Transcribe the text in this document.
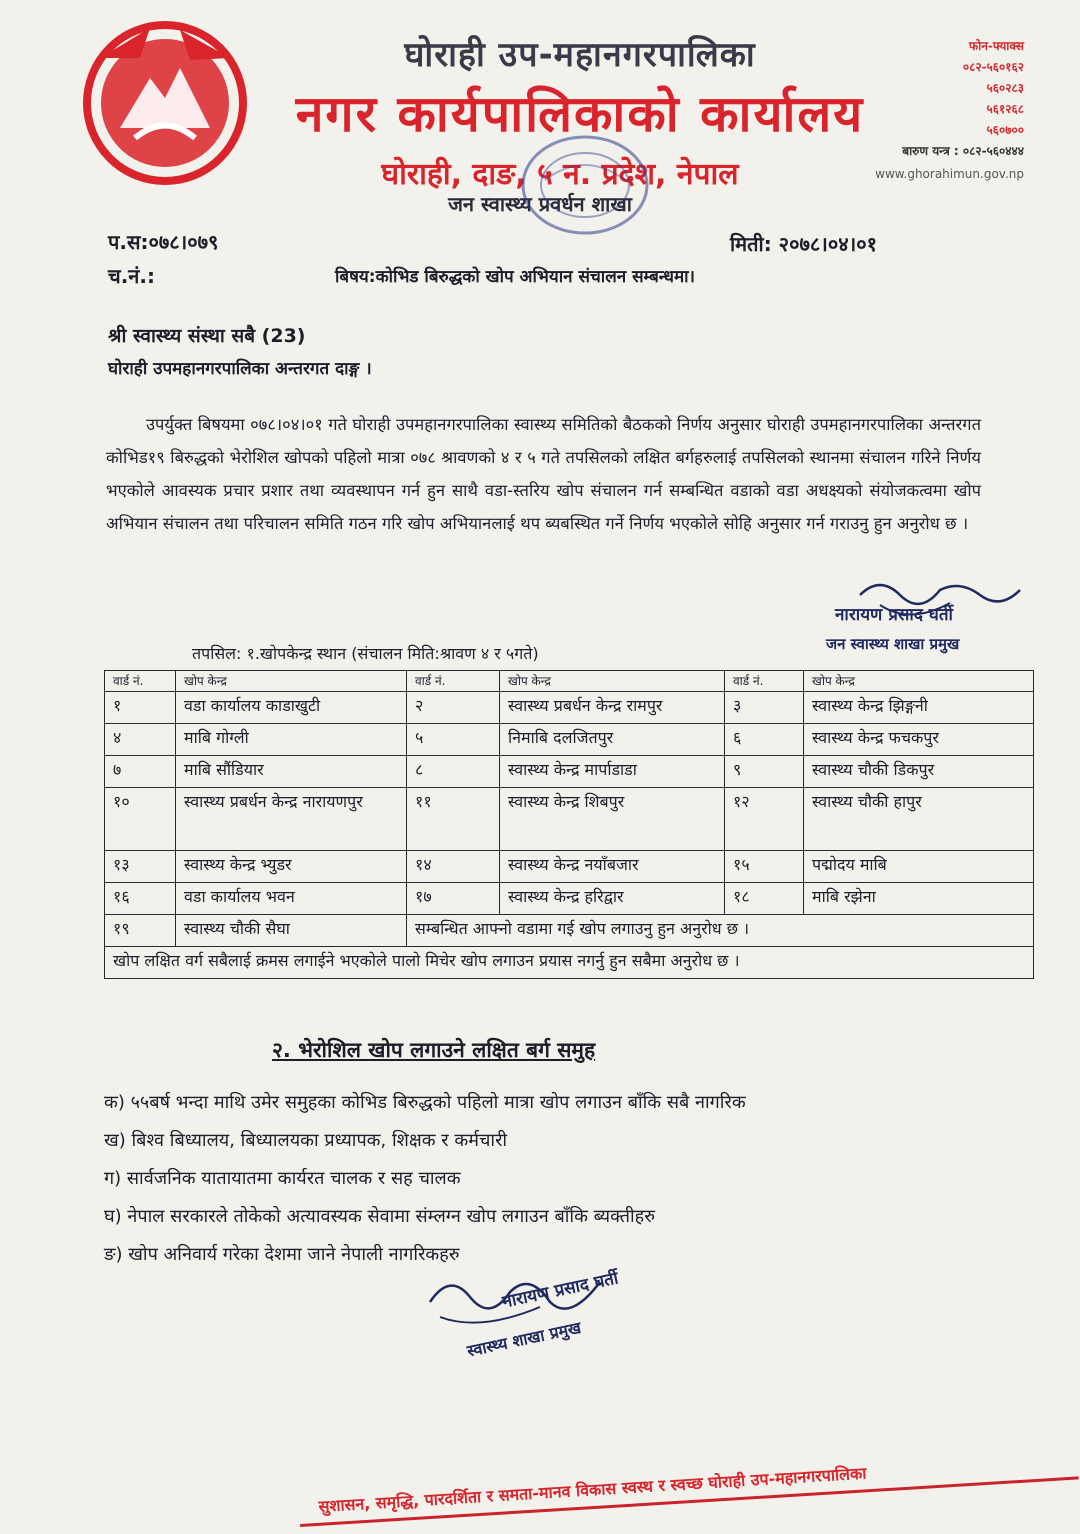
घोराही उप-महानगरपालिका
नगर कार्यपालिकाको कार्यालय
घोराही, दाङ, ५ न. प्रदेश, नेपाल
जन स्वास्थ्य प्रवर्धन शाखा
फोन-फ्याक्स
०८२-५६०१६२
५६०२८३
५६१२६८
५६०७००
बारुण यन्त्र : ०८२-५६०४४४
www.ghorahimun.gov.np
प.स:०७८।०७९	मिती: २०७८।०४।०१
च.नं.:	बिषय:कोभिड बिरुद्धको खोप अभियान संचालन सम्बन्धमा।
श्री स्वास्थ्य संस्था सबै (23)
घोराही उपमहानगरपालिका अन्तरगत दाङ्ग ।

उपर्युक्त बिषयमा ०७८।०४।०१ गते घोराही उपमहानगरपालिका स्वास्थ्य समितिको बैठकको निर्णय अनुसार घोराही उपमहानगरपालिका अन्तरगत कोभिड१९ बिरुद्धको भेरोशिल खोपको पहिलो मात्रा ०७८ श्रावणको ४ र ५ गते तपसिलको लक्षित बर्गहरुलाई तपसिलको स्थानमा संचालन गरिने निर्णय भएकोले आवस्यक प्रचार प्रशार तथा व्यवस्थापन गर्न हुन साथै वडा-स्तरिय खोप संचालन गर्न सम्बन्धित वडाको वडा अधक्ष्यको संयोजकत्वमा खोप अभियान संचालन तथा परिचालन समिति गठन गरि खोप अभियानलाई थप ब्यबस्थित गर्ने निर्णय भएकोले सोहि अनुसार गर्न गराउनु हुन अनुरोध छ ।

नारायण प्रसाद घर्ती
जन स्वास्थ्य शाखा प्रमुख
तपसिल: १.खोपकेन्द्र स्थान (संचालन मिति:श्रावण ४ र ५गते)
वार्ड नं.	खोप केन्द्र	वार्ड नं.	खोप केन्द्र	वार्ड नं.	खोप केन्द्र
१	वडा कार्यालय काडाखुटी	२	स्वास्थ्य प्रबर्धन केन्द्र रामपुर	३	स्वास्थ्य केन्द्र झिङ्गनी
४	माबि गोग्ली	५	निमाबि दलजितपुर	६	स्वास्थ्य केन्द्र फचकपुर
७	माबि सौंडियार	८	स्वास्थ्य केन्द्र मार्पाडाडा	९	स्वास्थ्य चौकी डिकपुर
१०	स्वास्थ्य प्रबर्धन केन्द्र नारायणपुर	११	स्वास्थ्य केन्द्र शिबपुर	१२	स्वास्थ्य चौकी हापुर
१३	स्वास्थ्य केन्द्र भ्युडर	१४	स्वास्थ्य केन्द्र नयाँबजार	१५	पद्मोदय माबि
१६	वडा कार्यालय भवन	१७	स्वास्थ्य केन्द्र हरिद्वार	१८	माबि रझेना
१९	स्वास्थ्य चौकी सैघा	सम्बन्धित आफ्नो वडामा गई खोप लगाउनु हुन अनुरोध छ ।			
खोप लक्षित वर्ग सबैलाई क्रमस लगाईने भएकोले पालो मिचेर खोप लगाउन प्रयास नगर्नु हुन सबैमा अनुरोध छ ।					
२. भेरोशिल खोप लगाउने लक्षित बर्ग समुह
क) ५५बर्ष भन्दा माथि उमेर समुहका कोभिड बिरुद्धको पहिलो मात्रा खोप लगाउन बाँकि सबै नागरिक
ख) बिश्व बिध्यालय, बिध्यालयका प्रध्यापक, शिक्षक र कर्मचारी
ग) सार्वजनिक यातायातमा कार्यरत चालक र सह चालक
घ) नेपाल सरकारले तोकेको अत्यावस्यक सेवामा संम्लग्न खोप लगाउन बाँकि ब्यक्तीहरु
ङ) खोप अनिवार्य गरेका देशमा जाने नेपाली नागरिकहरु
नारायण प्रसाद घर्ती
स्वास्थ्य शाखा प्रमुख
सुशासन, समृद्धि, पारदर्शिता र समता-मानव विकास स्वस्थ र स्वच्छ घोराही उप-महानगरपालिका
